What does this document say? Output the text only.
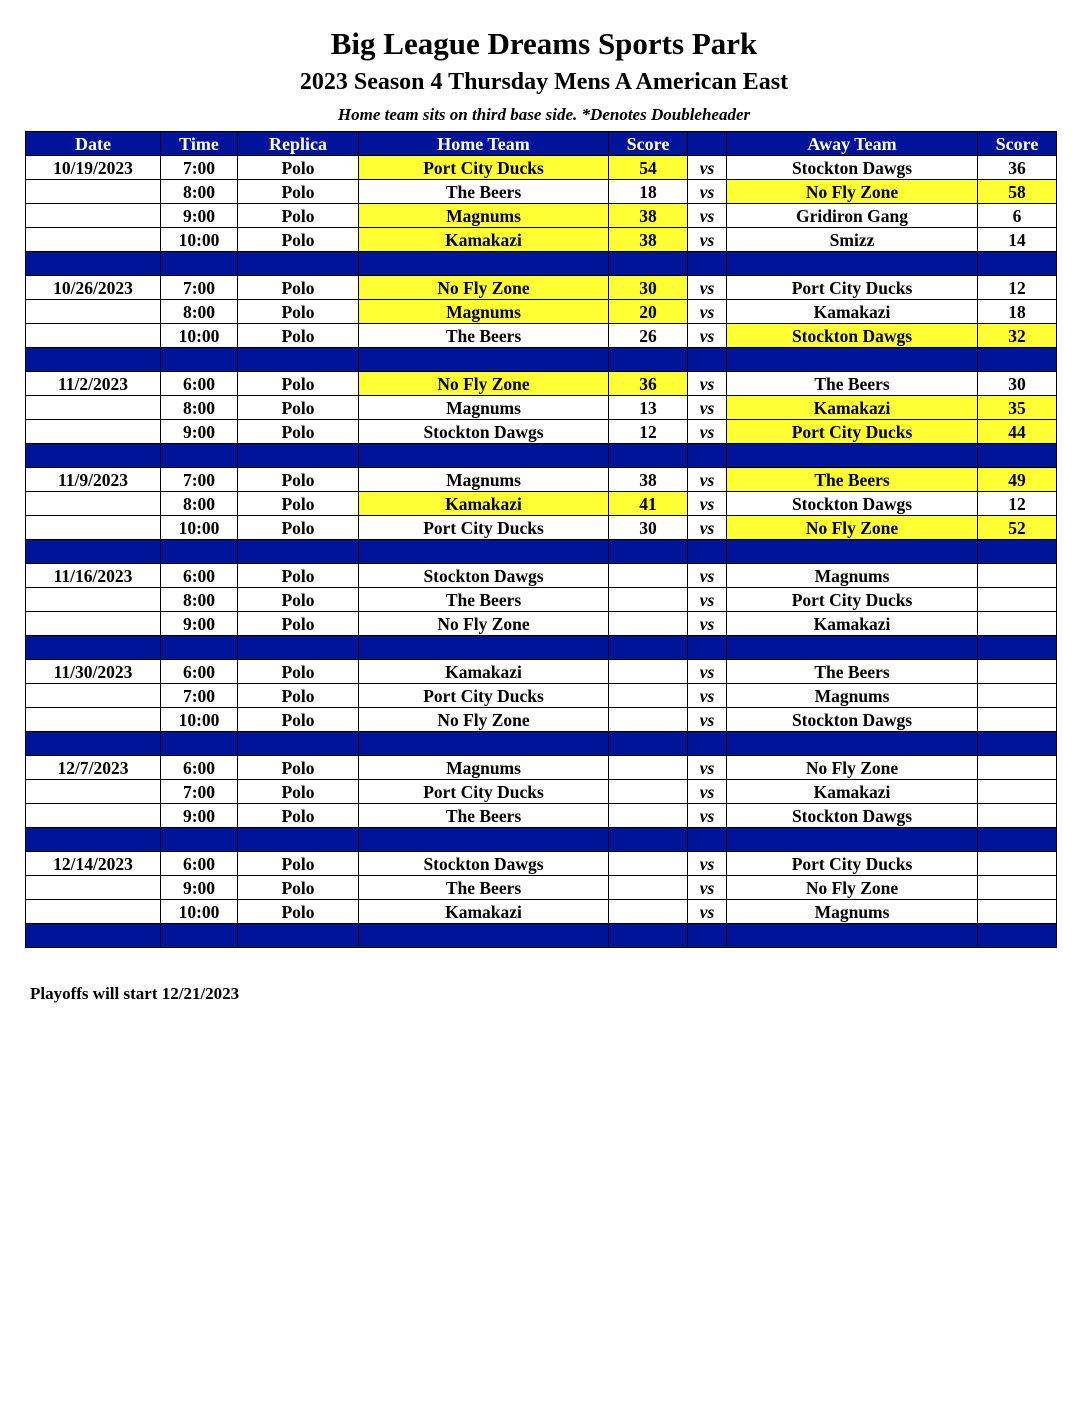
Big League Dreams Sports Park
2023 Season 4 Thursday Mens A American East
Home team sits on third base side. *Denotes Doubleheader
Date	Time	Replica	Home Team	Score		Away Team	Score
10/19/2023	7:00	Polo	Port City Ducks	54	vs	Stockton Dawgs	36
	8:00	Polo	The Beers	18	vs	No Fly Zone	58
	9:00	Polo	Magnums	38	vs	Gridiron Gang	6
	10:00	Polo	Kamakazi	38	vs	Smizz	14

10/26/2023	7:00	Polo	No Fly Zone	30	vs	Port City Ducks	12
	8:00	Polo	Magnums	20	vs	Kamakazi	18
	10:00	Polo	The Beers	26	vs	Stockton Dawgs	32

11/2/2023	6:00	Polo	No Fly Zone	36	vs	The Beers	30
	8:00	Polo	Magnums	13	vs	Kamakazi	35
	9:00	Polo	Stockton Dawgs	12	vs	Port City Ducks	44

11/9/2023	7:00	Polo	Magnums	38	vs	The Beers	49
	8:00	Polo	Kamakazi	41	vs	Stockton Dawgs	12
	10:00	Polo	Port City Ducks	30	vs	No Fly Zone	52

11/16/2023	6:00	Polo	Stockton Dawgs		vs	Magnums	
	8:00	Polo	The Beers		vs	Port City Ducks	
	9:00	Polo	No Fly Zone		vs	Kamakazi	

11/30/2023	6:00	Polo	Kamakazi		vs	The Beers	
	7:00	Polo	Port City Ducks		vs	Magnums	
	10:00	Polo	No Fly Zone		vs	Stockton Dawgs	

12/7/2023	6:00	Polo	Magnums		vs	No Fly Zone	
	7:00	Polo	Port City Ducks		vs	Kamakazi	
	9:00	Polo	The Beers		vs	Stockton Dawgs	

12/14/2023	6:00	Polo	Stockton Dawgs		vs	Port City Ducks	
	9:00	Polo	The Beers		vs	No Fly Zone	
	10:00	Polo	Kamakazi		vs	Magnums	

Playoffs will start 12/21/2023
